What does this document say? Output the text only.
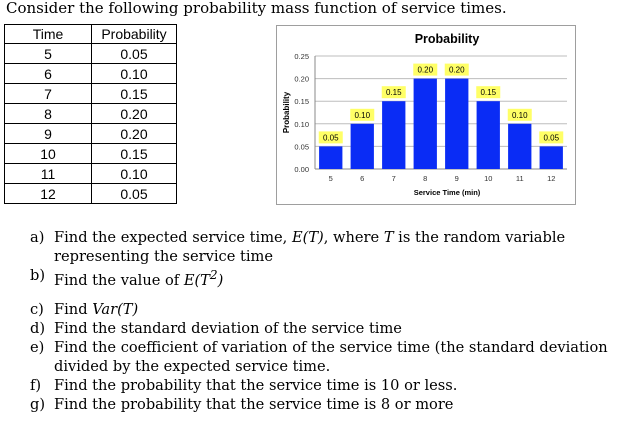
Consider the following probability mass function of service times.
Time	Probability
5	0.05
6	0.10
7	0.15
8	0.20
9	0.20
10	0.15
11	0.10
12	0.05
Probability
0.00
0.05
0.10
0.15
0.20
0.25
Probability
0.05
5
0.10
6
0.15
7
0.20
8
0.20
9
0.15
10
0.10
11
0.05
12
Service Time (min)
a) Find the expected service time, E(T), where T is the random variable representing the service time
b) Find the value of $E(T^2)$
c) Find Var(T)
d) Find the standard deviation of the service time
e) Find the coefficient of variation of the service time (the standard deviation divided by the expected service time.
f) Find the probability that the service time is 10 or less.
g) Find the probability that the service time is 8 or more
